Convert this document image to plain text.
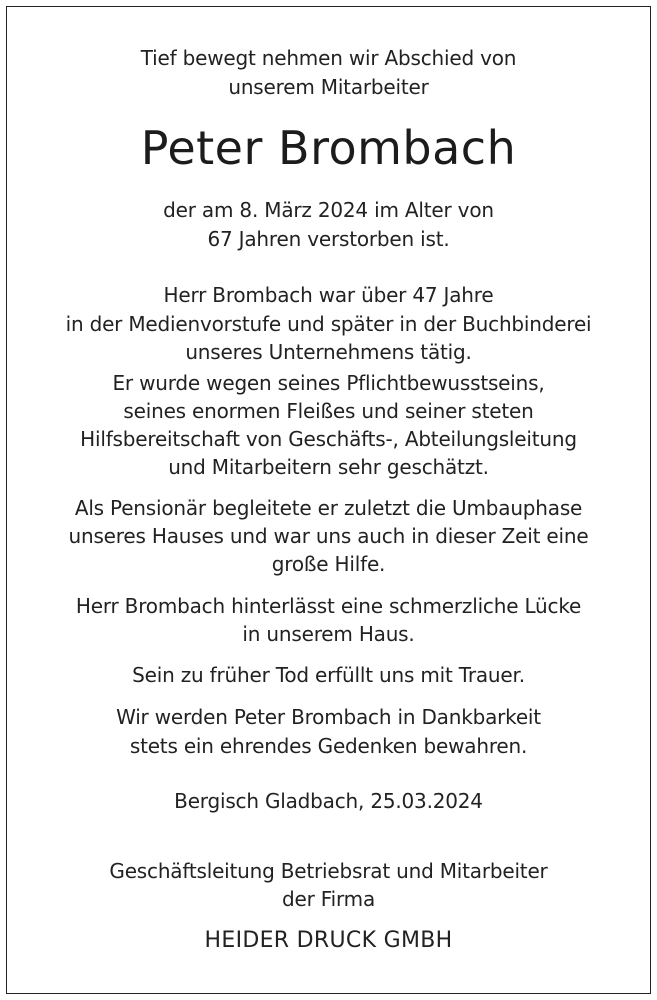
Tief bewegt nehmen wir Abschied von

unserem Mitarbeiter

Peter Brombach

der am 8. März 2024 im Alter von

67 Jahren verstorben ist.

Herr Brombach war über 47 Jahre

in der Medienvorstufe und später in der Buchbinderei

unseres Unternehmens tätig.

Er wurde wegen seines Pflichtbewusstseins,

seines enormen Fleißes und seiner steten

Hilfsbereitschaft von Geschäfts-, Abteilungsleitung

und Mitarbeitern sehr geschätzt.

Als Pensionär begleitete er zuletzt die Umbauphase

unseres Hauses und war uns auch in dieser Zeit eine

große Hilfe.

Herr Brombach hinterlässt eine schmerzliche Lücke

in unserem Haus.

Sein zu früher Tod erfüllt uns mit Trauer.

Wir werden Peter Brombach in Dankbarkeit

stets ein ehrendes Gedenken bewahren.

Bergisch Gladbach, 25.03.2024

Geschäftsleitung Betriebsrat und Mitarbeiter

der Firma

HEIDER DRUCK GMBH
